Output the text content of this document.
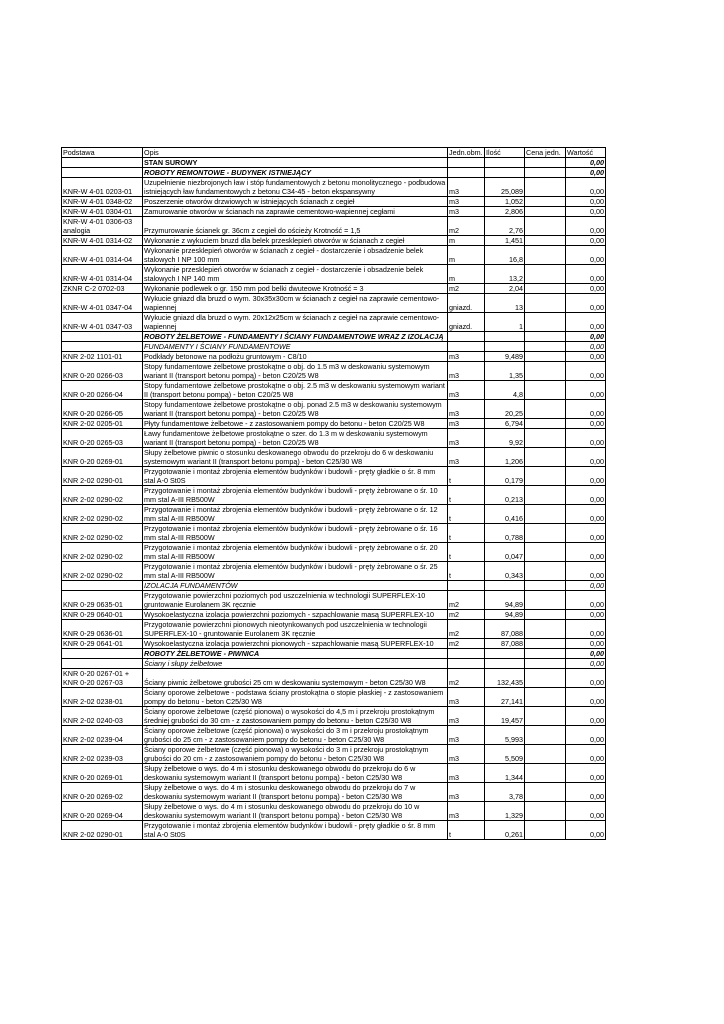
Podstawa	Opis	Jedn.obm.	Ilość	Cena jedn.	Wartość
	STAN SUROWY				0,00
	ROBOTY REMONTOWE - BUDYNEK ISTNIEJĄCY				0,00
KNR-W 4-01 0203-01	Uzupełnienie niezbrojonych ław i stóp fundamentowych z betonu monolitycznego - podbudowa istniejących ław fundamentowych z betonu C34-45 - beton ekspansywny	m3	25,089		0,00
KNR-W 4-01 0348-02	Poszerzenie otworów drzwiowych w istniejących ścianach z cegieł	m3	1,052		0,00
KNR-W 4-01 0304-01	Zamurowanie otworów w ścianach na zaprawie cementowo-wapiennej cegłami	m3	2,806		0,00
KNR-W 4-01 0306-03 analogia	Przymurowanie ścianek gr. 36cm z cegieł do ościeży Krotność = 1,5	m2	2,76		0,00
KNR-W 4-01 0314-02	Wykonanie z wykuciem bruzd dla belek przesklepień otworów w ścianach z cegieł	m	1,451		0,00
KNR-W 4-01 0314-04	Wykonanie przesklepień otworów w ścianach z cegieł - dostarczenie i obsadzenie belek stalowych I NP 100 mm	m	16,8		0,00
KNR-W 4-01 0314-04	Wykonanie przesklepień otworów w ścianach z cegieł - dostarczenie i obsadzenie belek stalowych I NP 140 mm	m	13,2		0,00
ZKNR C-2 0702-03	Wykonanie podlewek o gr. 150 mm pod belki dwuteowe Krotność = 3	m2	2,04		0,00
KNR-W 4-01 0347-04	Wykucie gniazd dla bruzd o wym. 30x35x30cm w ścianach z cegieł na zaprawie cementowo-wapiennej	gniazd.	13		0,00
KNR-W 4-01 0347-03	Wykucie gniazd dla bruzd o wym. 20x12x25cm w ścianach z cegieł na zaprawie cementowo-wapiennej	gniazd.	1		0,00
	ROBOTY ŻELBETOWE - FUNDAMENTY I ŚCIANY FUNDAMENTOWE WRAZ Z IZOLACJĄ				0,00
	FUNDAMENTY I ŚCIANY FUNDAMENTOWE				0,00
KNR 2-02 1101-01	Podkłady betonowe na podłożu gruntowym - C8/10	m3	9,489		0,00
KNR 0-20 0266-03	Stopy fundamentowe żelbetowe prostokątne o obj. do 1.5 m3 w deskowaniu systemowym wariant II (transport betonu pompą) - beton C20/25 W8	m3	1,35		0,00
KNR 0-20 0266-04	Stopy fundamentowe żelbetowe prostokątne o obj. 2.5 m3 w deskowaniu systemowym wariant II (transport betonu pompą) - beton C20/25 W8	m3	4,8		0,00
KNR 0-20 0266-05	Stopy fundamentowe żelbetowe prostokątne o obj. ponad 2.5 m3 w deskowaniu systemowym wariant II (transport betonu pompą) - beton C20/25 W8	m3	20,25		0,00
KNR 2-02 0205-01	Płyty fundamentowe żelbetowe - z zastosowaniem pompy do betonu - beton C20/25 W8	m3	6,794		0,00
KNR 0-20 0265-03	Ławy fundamentowe żelbetowe prostokątne o szer. do 1.3 m w deskowaniu systemowym wariant II (transport betonu pompą) - beton C20/25 W8	m3	9,92		0,00
KNR 0-20 0269-01	Słupy żelbetowe piwnic o stosunku deskowanego obwodu do przekroju do 6 w deskowaniu systemowym wariant II (transport betonu pompą) - beton C25/30 W8	m3	1,206		0,00
KNR 2-02 0290-01	Przygotowanie i montaż zbrojenia elementów budynków i budowli - pręty gładkie o śr. 8 mm stal A-0 St0S	t	0,179		0,00
KNR 2-02 0290-02	Przygotowanie i montaż zbrojenia elementów budynków i budowli - pręty żebrowane o śr. 10 mm stal A-III RB500W	t	0,213		0,00
KNR 2-02 0290-02	Przygotowanie i montaż zbrojenia elementów budynków i budowli - pręty żebrowane o śr. 12 mm stal A-III RB500W	t	0,416		0,00
KNR 2-02 0290-02	Przygotowanie i montaż zbrojenia elementów budynków i budowli - pręty żebrowane o śr. 16 mm stal A-III RB500W	t	0,788		0,00
KNR 2-02 0290-02	Przygotowanie i montaż zbrojenia elementów budynków i budowli - pręty żebrowane o śr. 20 mm stal A-III RB500W	t	0,047		0,00
KNR 2-02 0290-02	Przygotowanie i montaż zbrojenia elementów budynków i budowli - pręty żebrowane o śr. 25 mm stal A-III RB500W	t	0,343		0,00
	IZOLACJA FUNDAMENTÓW				0,00
KNR 0-29 0635-01	Przygotowanie powierzchni poziomych pod uszczelnienia w technologii SUPERFLEX-10 gruntowanie Eurolanem 3K ręcznie	m2	94,89		0,00
KNR 0-29 0640-01	Wysokoelastyczna izolacja powierzchni poziomych - szpachlowanie masą SUPERFLEX-10	m2	94,89		0,00
KNR 0-29 0636-01	Przygotowanie powierzchni pionowych nieotynkowanych pod uszczelnienia w technologii SUPERFLEX-10 - gruntowanie Eurolanem 3K ręcznie	m2	87,088		0,00
KNR 0-29 0641-01	Wysokoelastyczna izolacja powierzchni pionowych - szpachlowanie masą SUPERFLEX-10	m2	87,088		0,00
	ROBOTY ŻELBETOWE - PIWNICA				0,00
	Ściany i słupy żelbetowe				0,00
KNR 0-20 0267-01 + KNR 0-20 0267-03	Ściany piwnic żelbetowe grubości 25 cm w deskowaniu systemowym - beton C25/30 W8	m2	132,435		0,00
KNR 2-02 0238-01	Ściany oporowe żelbetowe - podstawa ściany prostokątna o stopie płaskiej - z zastosowaniem pompy do betonu - beton C25/30 W8	m3	27,141		0,00
KNR 2-02 0240-03	Ściany oporowe żelbetowe (część pionowa) o wysokości do 4,5 m i przekroju prostokątnym średniej grubości do 30 cm - z zastosowaniem pompy do betonu - beton C25/30 W8	m3	19,457		0,00
KNR 2-02 0239-04	Ściany oporowe żelbetowe (część pionowa) o wysokości do 3 m i przekroju prostokątnym grubości do 25 cm - z zastosowaniem pompy do betonu - beton C25/30 W8	m3	5,993		0,00
KNR 2-02 0239-03	Ściany oporowe żelbetowe (część pionowa) o wysokości do 3 m i przekroju prostokątnym grubości do 20 cm - z zastosowaniem pompy do betonu - beton C25/30 W8	m3	5,509		0,00
KNR 0-20 0269-01	Słupy żelbetowe o wys. do 4 m i stosunku deskowanego obwodu do przekroju do 6 w deskowaniu systemowym wariant II (transport betonu pompą) - beton C25/30 W8	m3	1,344		0,00
KNR 0-20 0269-02	Słupy żelbetowe o wys. do 4 m i stosunku deskowanego obwodu do przekroju do 7 w deskowaniu systemowym wariant II (transport betonu pompą) - beton C25/30 W8	m3	3,78		0,00
KNR 0-20 0269-04	Słupy żelbetowe o wys. do 4 m i stosunku deskowanego obwodu do przekroju do 10 w deskowaniu systemowym wariant II (transport betonu pompą) - beton C25/30 W8	m3	1,329		0,00
KNR 2-02 0290-01	Przygotowanie i montaż zbrojenia elementów budynków i budowli - pręty gładkie o śr. 8 mm stal A-0 St0S	t	0,261		0,00
